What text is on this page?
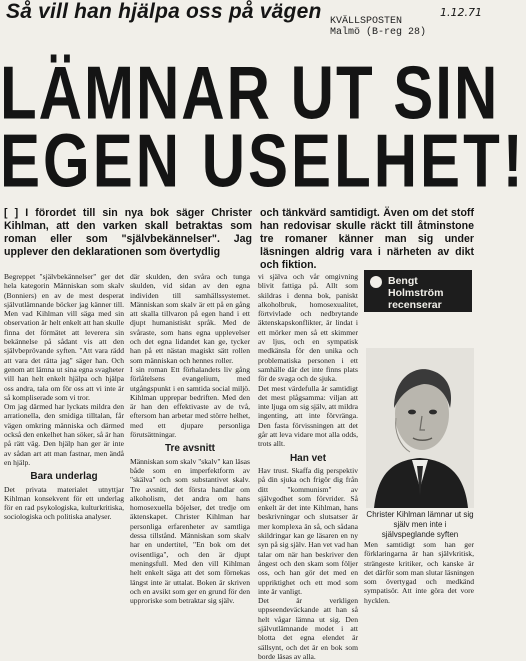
Så vill han hjälpa oss på vägen	1.12.71
KVÄLLSPOSTEN
Malmö (B-reg 28)
LÄMNAR UT SIN
EGEN USELHET!
[ ] I förordet till sin nya bok säger Christer Kihlman, att den varken skall betraktas som roman eller som "självbekännelser". Jag upplever den deklarationen som övertydligoch tänkvärd samtidigt. Även om det stoff han redovisar skulle räckt till åtminstone tre romaner känner man sig under läsningen aldrig vara i närheten av dikt och fiktion.

Begreppet "självbekännelser" ger det hela kategorin Människan som skalv (Bonniers) en av de mest desperat självutlämnande böcker jag känner till. Men vad Kihlman vill säga med sin observation är helt enkelt att han skulle finna det förmätet att leverera sin bekännelse på sådant vis att den självbeprövande syften. "Att vara rädd att vara det rätta jag" säger han. Och genom att lämna ut sina egna svagheter vill han helt enkelt hjälpa och hjälpa oss andra, tala om för oss att vi inte är så kompliserade som vi tror.

Om jag därmed har lyckats mildra den arrationella, den smidiga tilltalan, får vägen omkring människa och därmed också den enkelhet han söker, så är han på rätt väg. Den hjälp han ger är inte av sådan art att man fastnar, men ändå en hjälp.

Bara underlag

Det privata materialet utnyttjar Kihlman konsekvent för ett underlag för en rad psykologiska, kulturkritiska, sociologiska och politiska analyser.

där skulden, den svåra och tunga skulden, vid sidan av den egna individen till samhällssystemet. Människan som skalv är ett på en gång att skalla tillvaron på egen hand i ett djupt humanistiskt språk. Med de svåraste, som hans egna upplevelser och det egna lidandet kan ge, tycker han på ett nästan magiskt sätt rollen som människan och hennes roller.

I sin roman Ett förhalandets liv gång förlåtelsens evangelium, med utgångspunkt i en samtida social miljö. Kihlman upprepar bedriften. Med den är han den effektivaste av de två, eftersom han arbetar med större helhet, med ett djupare personliga förutsättningar.

Tre avsnitt

Människan som skalv "skalv" kan läsas både som en imperfektform av "skälva" och som substantivet skalv. Tre avsnitt, det första handlar om alkoholism, det andra om hans homosexuella böjelser, det tredje om äktenskapet. Christer Kihlman har personliga erfarenheter av samtliga dessa tillstånd. Människan som skalv har en undertitel, "En bok om det ovisentliga", och den är djupt meningsfull. Med den vill Kihlman helt enkelt säga att det som förnekas längst inte är uttalat. Boken är skriven och en avsikt som ger en grund för den upproriske som betraktar sig själv.

vi själva och vår omgivning blivit fattiga på. Allt som skildras i denna bok, paniskt alkoholbruk, homosexualitet, förtvivlade och nedbrytande äktenskapskonflikter, är lindat i ett mörker men så ett skimmer av ljus, och en sympatisk medkänsla för den unika och problematiska personen i ett samhälle där det inte finns plats för de svaga och de sjuka.

Det mest värdefulla är samtidigt det mest plågsamma: viljan att inte ljuga om sig själv, att mildra ingenting, att inte förvränga. Den fasta förvissningen att det går att leva vidare mot alla odds, trots allt.

Han vet

Hav trust. Skaffa dig perspektiv på din sjuka och frigör dig från ditt "kommunism" av självgodhet som förvrider. Så enkelt är det inte Kihlman, hans beskrivningar och slutsatser är mer komplexa än så, och sådana skildringar kan ge läsaren en ny syn på sig själv. Han vet vad han talar om när han beskriver den ångest och den skam som följer oss, och han gör det med en uppriktighet och ett mod som inte är vanligt.

Det är verkligen uppseendeväckande att han så helt vågar lämna ut sig. Den självutlämnande modet i att blotta det egna elendet är sällsynt, och det är en bok som borde läsas av alla.

Bengt Holmström
recenserar
Christer Kihlman lämnar ut sig själv men inte i självspeglande syften
Men samtidigt som han ger förklaringarna är han självkritisk, strängeste kritiker, och kanske är det därför som man slutar läsningen som övertygad och medkänd sympatisör. Att inte göra det vore hycklen.
